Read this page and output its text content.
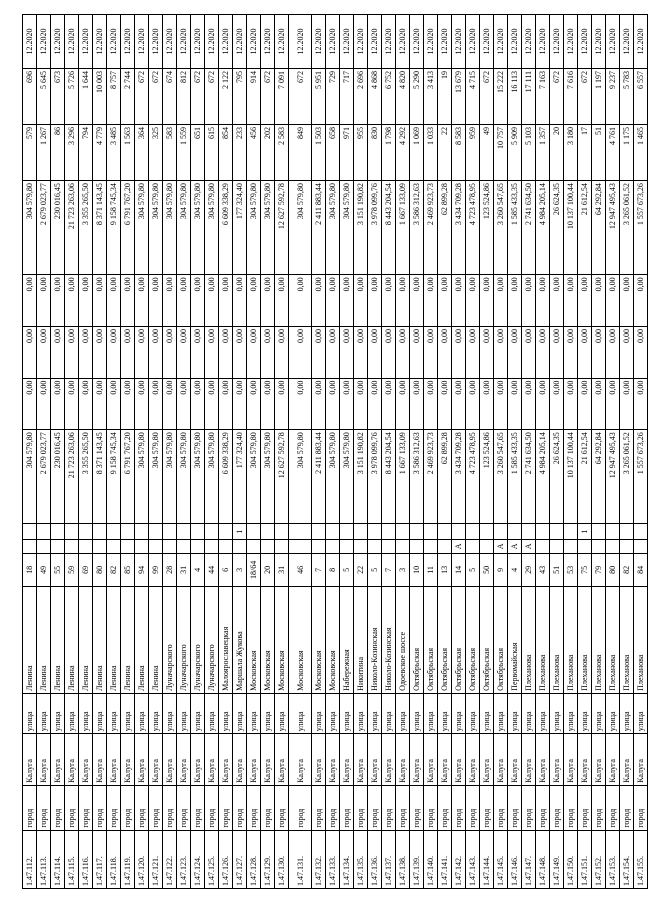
1.47.112.	город	Калуга	улица	Ленина	18			304 579,80	0,00	0,00	0,00	304 579,80	579	696	12.2020
1.47.113.	город	Калуга	улица	Ленина	49			2 679 023,77	0,00	0,00	0,00	2 679 023,77	1 267	5 645	12.2020
1.47.114.	город	Калуга	улица	Ленина	55			230 016,45	0,00	0,00	0,00	230 016,45	86	673	12.2020
1.47.115.	город	Калуга	улица	Ленина	59			21 723 263,06	0,00	0,00	0,00	21 723 263,06	3 296	5 726	12.2020
1.47.116.	город	Калуга	улица	Ленина	69			3 355 265,50	0,00	0,00	0,00	3 355 265,50	794	1 644	12.2020
1.47.117.	город	Калуга	улица	Ленина	80			8 371 143,45	0,00	0,00	0,00	8 371 143,45	4 779	10 003	12.2020
1.47.118.	город	Калуга	улица	Ленина	82			9 158 745,34	0,00	0,00	0,00	9 158 745,34	3 485	8 757	12.2020
1.47.119.	город	Калуга	улица	Ленина	85			6 791 767,20	0,00	0,00	0,00	6 791 767,20	1 563	2 744	12.2020
1.47.120.	город	Калуга	улица	Ленина	94			304 579,80	0,00	0,00	0,00	304 579,80	364	672	12.2020
1.47.121.	город	Калуга	улица	Ленина	99			304 579,80	0,00	0,00	0,00	304 579,80	325	672	12.2020
1.47.122.	город	Калуга	улица	Луначарского	28			304 579,80	0,00	0,00	0,00	304 579,80	583	674	12.2020
1.47.123.	город	Калуга	улица	Луначарского	31			304 579,80	0,00	0,00	0,00	304 579,80	1 559	812	12.2020
1.47.124.	город	Калуга	улица	Луначарского	4			304 579,80	0,00	0,00	0,00	304 579,80	651	672	12.2020
1.47.125.	город	Калуга	улица	Луначарского	44			304 579,80	0,00	0,00	0,00	304 579,80	615	672	12.2020
1.47.126.	город	Калуга	улица	Малоярославецкая	6			6 609 338,29	0,00	0,00	0,00	6 609 338,29	854	2 122	12.2020
1.47.127.	город	Калуга	улица	Маршала Жукова	3		1	177 324,40	0,00	0,00	0,00	177 324,40	233	795	12.2020
1.47.128.	город	Калуга	улица	Московская	18/64			304 579,80	0,00	0,00	0,00	304 579,80	456	914	12.2020
1.47.129.	город	Калуга	улица	Московская	20			304 579,80	0,00	0,00	0,00	304 579,80	202	672	12.2020
1.47.130.	город	Калуга	улица	Московская	31			12 627 592,78	0,00	0,00	0,00	12 627 592,78	2 583	7 091	12.2020
1.47.131.	город	Калуга	улица	Московская	46			304 579,80	0,00	0,00	0,00	304 579,80	849	672	12.2020
1.47.132.	город	Калуга	улица	Московская	7			2 411 883,44	0,00	0,00	0,00	2 411 883,44	1 503	5 951	12.2020
1.47.133.	город	Калуга	улица	Московская	8			304 579,80	0,00	0,00	0,00	304 579,80	658	729	12.2020
1.47.134.	город	Калуга	улица	Набережная	5			304 579,80	0,00	0,00	0,00	304 579,80	971	717	12.2020
1.47.135.	город	Калуга	улица	Никитина	22			3 151 190,82	0,00	0,00	0,00	3 151 190,82	955	2 696	12.2020
1.47.136.	город	Калуга	улица	Николо-Козинская	5			3 978 099,76	0,00	0,00	0,00	3 978 099,76	830	4 868	12.2020
1.47.137.	город	Калуга	улица	Николо-Козинская	7			8 443 204,54	0,00	0,00	0,00	8 443 204,54	1 798	6 752	12.2020
1.47.138.	город	Калуга	улица	Одоевское шоссе	3			1 667 133,09	0,00	0,00	0,00	1 667 133,09	4 292	4 820	12.2020
1.47.139.	город	Калуга	улица	Октябрьская	10			3 586 312,63	0,00	0,00	0,00	3 586 312,63	1 069	5 290	12.2020
1.47.140.	город	Калуга	улица	Октябрьская	11			2 469 923,73	0,00	0,00	0,00	2 469 923,73	1 033	3 413	12.2020
1.47.141.	город	Калуга	улица	Октябрьская	13			62 899,28	0,00	0,00	0,00	62 899,28	22	19	12.2020
1.47.142.	город	Калуга	улица	Октябрьская	14	А		3 434 709,28	0,00	0,00	0,00	3 434 709,28	8 583	13 679	12.2020
1.47.143.	город	Калуга	улица	Октябрьская	5			4 723 478,95	0,00	0,00	0,00	4 723 478,95	959	4 715	12.2020
1.47.144.	город	Калуга	улица	Октябрьская	50			123 524,86	0,00	0,00	0,00	123 524,86	49	672	12.2020
1.47.145.	город	Калуга	улица	Октябрьская	9	А		3 260 547,65	0,00	0,00	0,00	3 260 547,65	10 757	15 222	12.2020
1.47.146.	город	Калуга	улица	Первомайская	4	А		1 585 433,35	0,00	0,00	0,00	1 585 433,35	5 909	16 113	12.2020
1.47.147.	город	Калуга	улица	Плеханова	29	А		2 741 634,50	0,00	0,00	0,00	2 741 634,50	5 103	17 111	12.2020
1.47.148.	город	Калуга	улица	Плеханова	43			4 984 205,14	0,00	0,00	0,00	4 984 205,14	1 357	7 163	12.2020
1.47.149.	город	Калуга	улица	Плеханова	51			26 624,35	0,00	0,00	0,00	26 624,35	20	672	12.2020
1.47.150.	город	Калуга	улица	Плеханова	53			10 137 100,44	0,00	0,00	0,00	10 137 100,44	3 180	7 616	12.2020
1.47.151.	город	Калуга	улица	Плеханова	75		1	21 612,54	0,00	0,00	0,00	21 612,54	17	672	12.2020
1.47.152.	город	Калуга	улица	Плеханова	79			64 292,84	0,00	0,00	0,00	64 292,84	51	1 197	12.2020
1.47.153.	город	Калуга	улица	Плеханова	80			12 947 495,43	0,00	0,00	0,00	12 947 495,43	4 761	9 237	12.2020
1.47.154.	город	Калуга	улица	Плеханова	82			3 265 061,52	0,00	0,00	0,00	3 265 061,52	1 175	5 783	12.2020
1.47.155.	город	Калуга	улица	Плеханова	84			1 557 673,26	0,00	0,00	0,00	1 557 673,26	1 465	6 557	12.2020
